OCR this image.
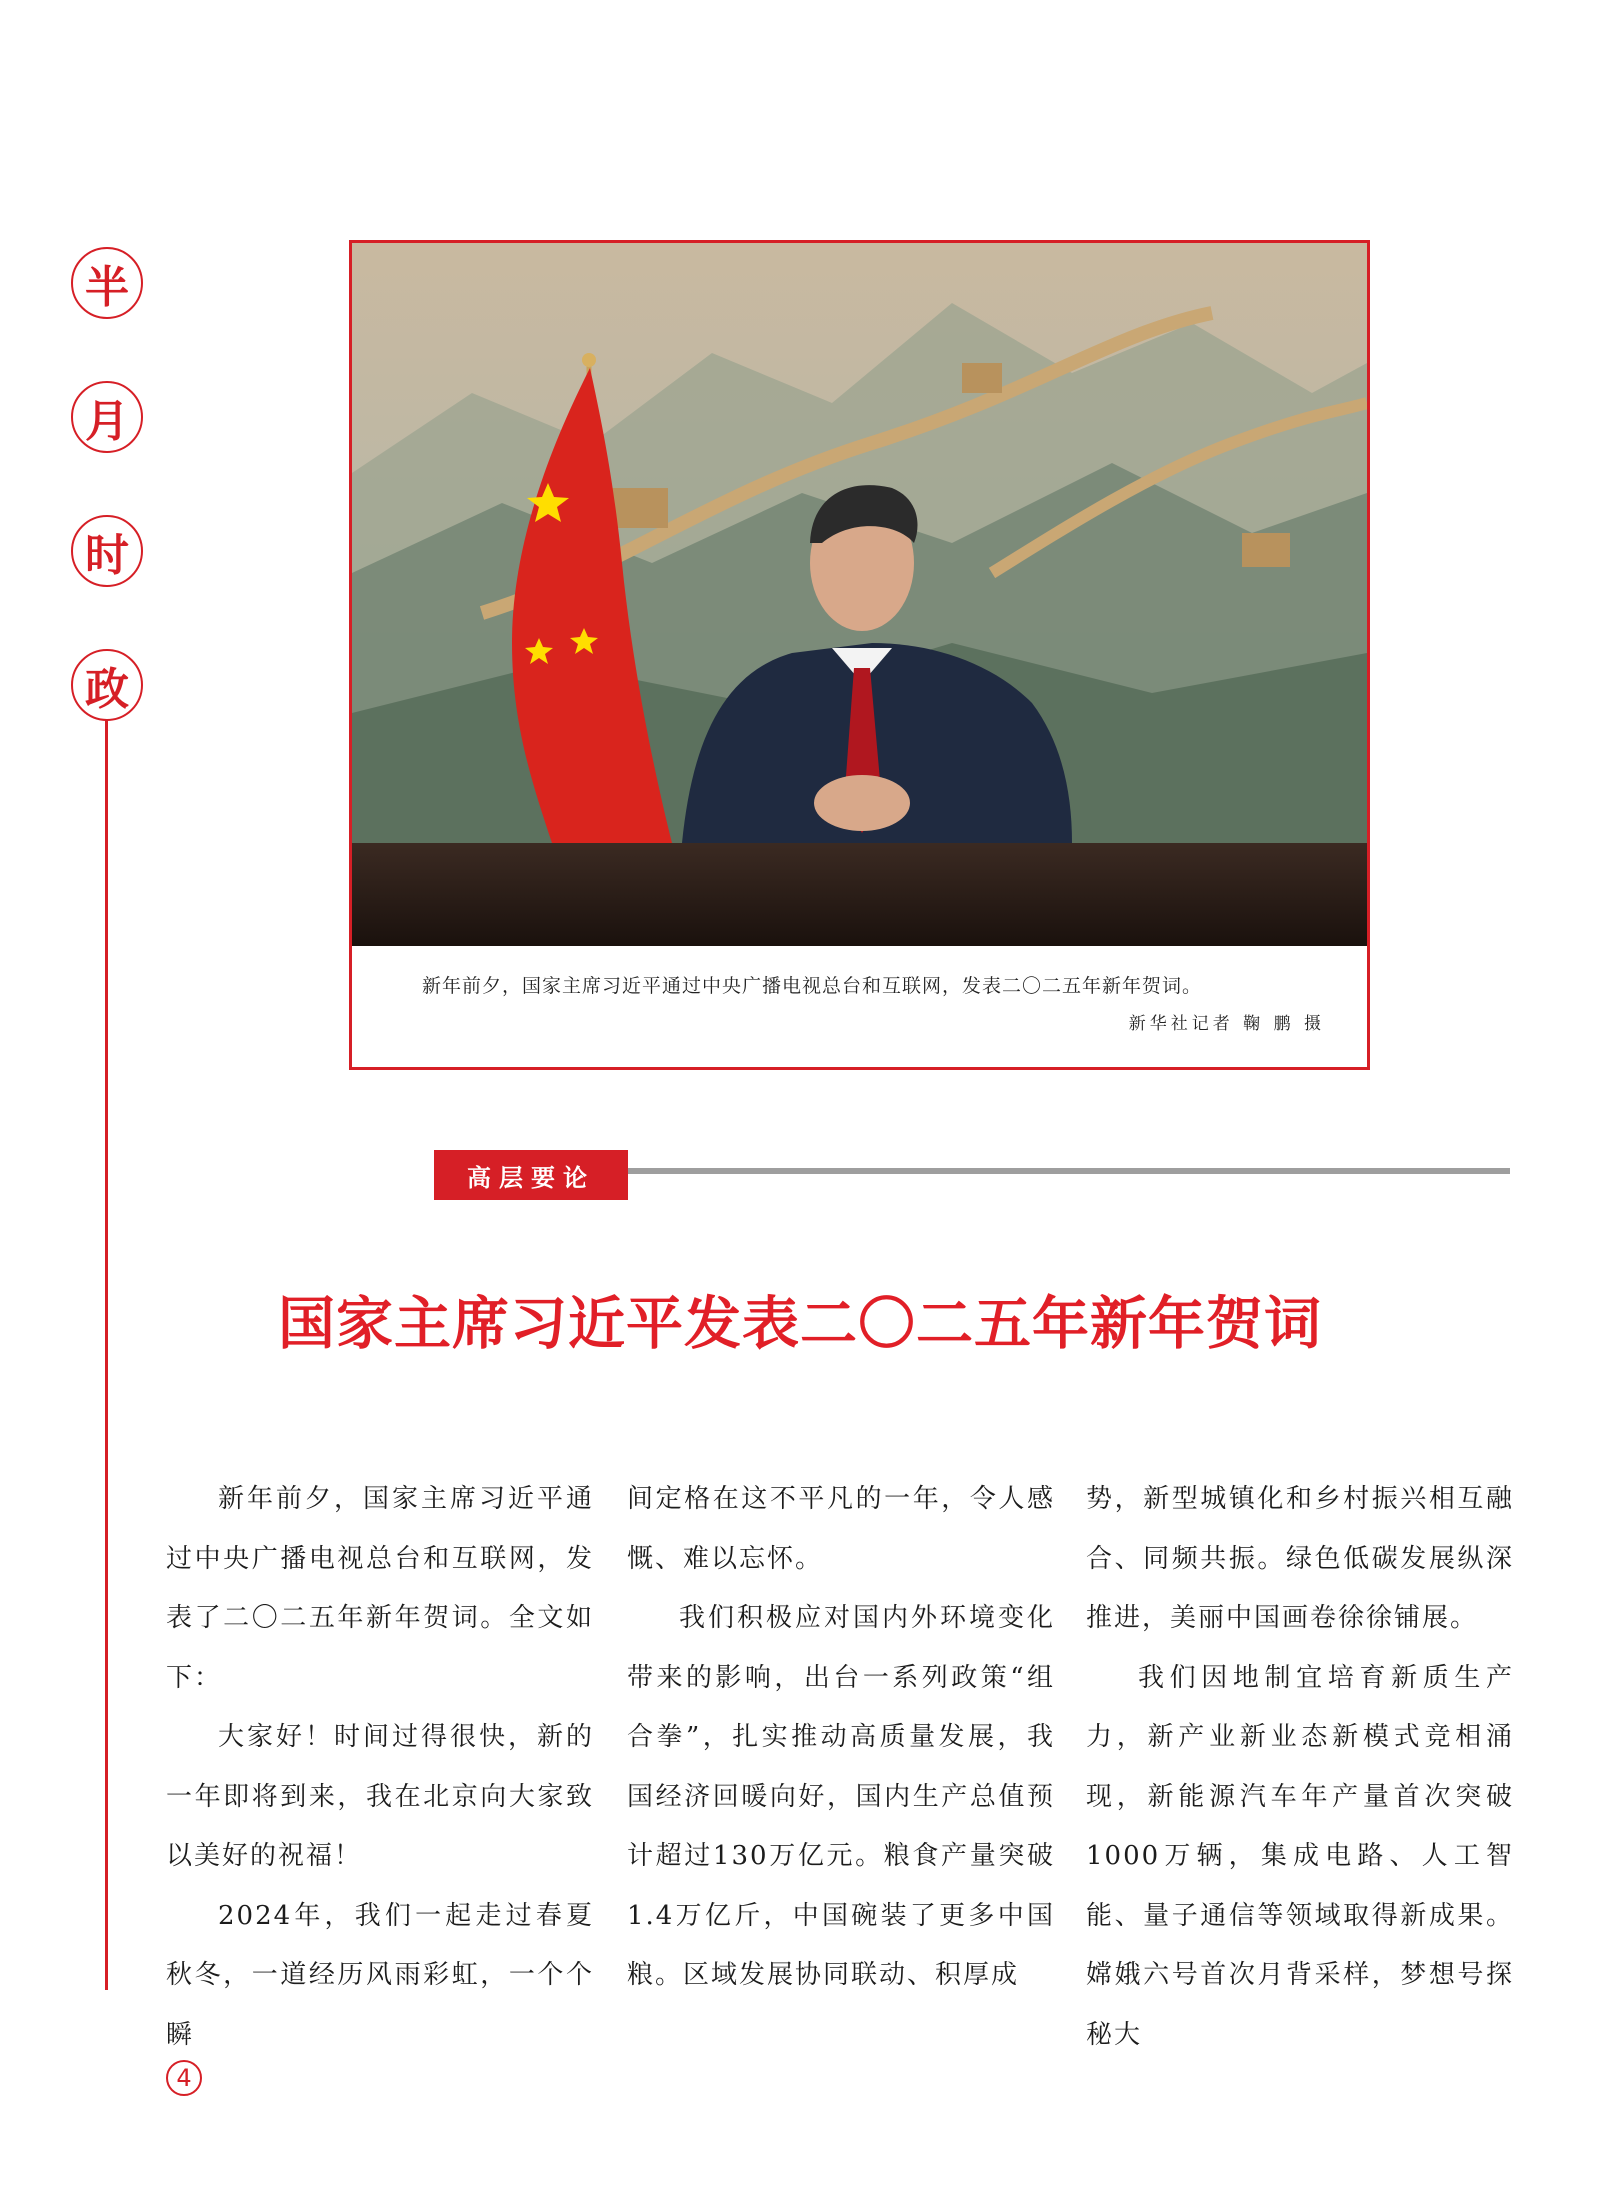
半
月
时
政
新年前夕，国家主席习近平通过中央广播电视总台和互联网，发表二〇二五年新年贺词。
新华社记者 鞠 鹏 摄
高层要论
国家主席习近平发表二〇二五年新年贺词

新年前夕，国家主席习近平通过中央广播电视总台和互联网，发表了二〇二五年新年贺词。全文如下：

大家好！时间过得很快，新的一年即将到来，我在北京向大家致以美好的祝福！

2024年，我们一起走过春夏秋冬，一道经历风雨彩虹，一个个瞬

间定格在这不平凡的一年，令人感慨、难以忘怀。

我们积极应对国内外环境变化带来的影响，出台一系列政策“组合拳”，扎实推动高质量发展，我国经济回暖向好，国内生产总值预计超过130万亿元。粮食产量突破1.4万亿斤，中国碗装了更多中国粮。区域发展协同联动、积厚成

势，新型城镇化和乡村振兴相互融合、同频共振。绿色低碳发展纵深推进，美丽中国画卷徐徐铺展。

我们因地制宜培育新质生产力，新产业新业态新模式竞相涌现，新能源汽车年产量首次突破1000万辆，集成电路、人工智能、量子通信等领域取得新成果。嫦娥六号首次月背采样，梦想号探秘大

4
